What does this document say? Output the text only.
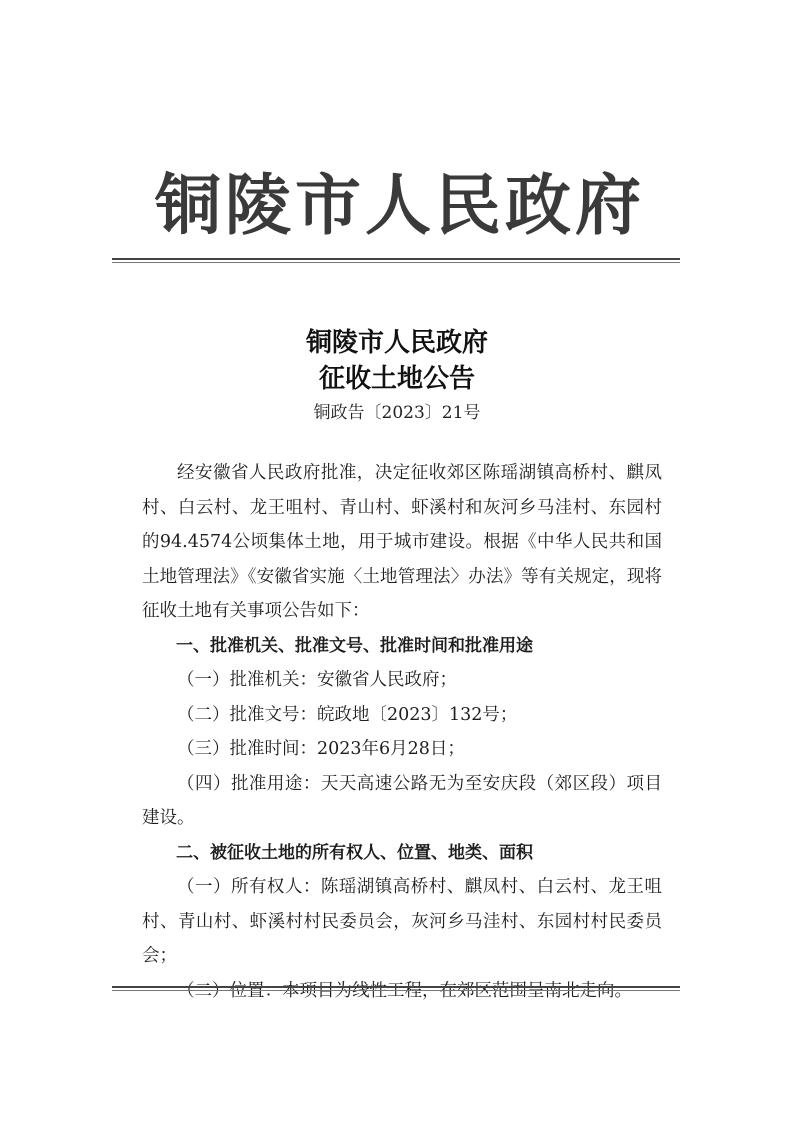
铜陵市人民政府
铜陵市人民政府
征收土地公告
铜政告〔2023〕21号

经安徽省人民政府批准，决定征收郊区陈瑶湖镇高桥村、麒凤村、白云村、龙王咀村、青山村、虾溪村和灰河乡马洼村、东园村的94.4574公顷集体土地，用于城市建设。根据《中华人民共和国土地管理法》《安徽省实施〈土地管理法〉办法》等有关规定，现将征收土地有关事项公告如下：

一、批准机关、批准文号、批准时间和批准用途

（一）批准机关：安徽省人民政府；

（二）批准文号：皖政地〔2023〕132号；

（三）批准时间：2023年6月28日；

（四）批准用途：天天高速公路无为至安庆段（郊区段）项目建设。

二、被征收土地的所有权人、位置、地类、面积

（一）所有权人：陈瑶湖镇高桥村、麒凤村、白云村、龙王咀村、青山村、虾溪村村民委员会，灰河乡马洼村、东园村村民委员会；

（二）位置：本项目为线性工程，在郊区范围呈南北走向。
